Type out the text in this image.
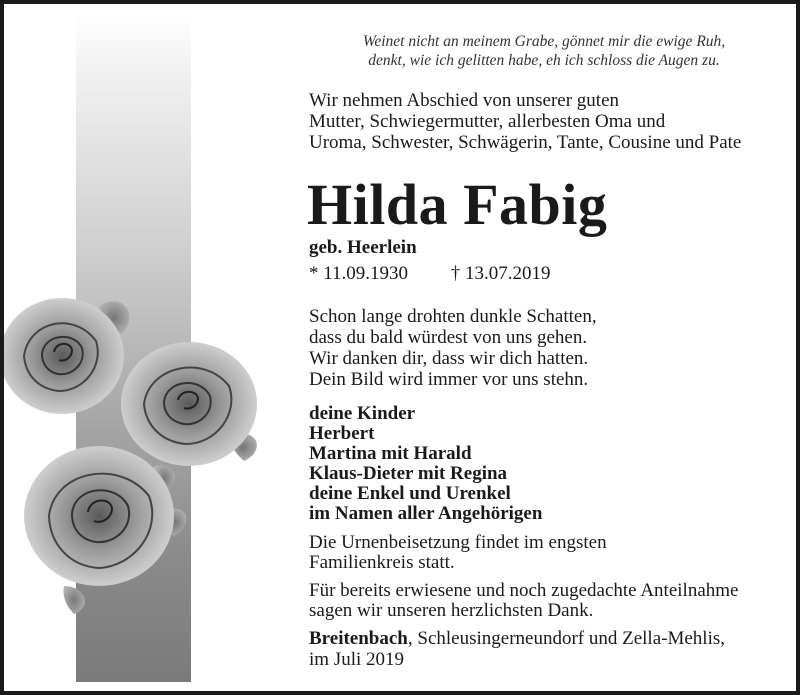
Weinet nicht an meinem Grabe, gönnet mir die ewige Ruh,
denkt, wie ich gelitten habe, eh ich schloss die Augen zu.
Wir nehmen Abschied von unserer guten
Mutter, Schwiegermutter, allerbesten Oma und
Uroma, Schwester, Schwägerin, Tante, Cousine und Pate
Hilda Fabig
geb. Heerlein
* 11.09.1930 † 13.07.2019
Schon lange drohten dunkle Schatten,
dass du bald würdest von uns gehen.
Wir danken dir, dass wir dich hatten.
Dein Bild wird immer vor uns stehn.
deine Kinder
Herbert
Martina mit Harald
Klaus-Dieter mit Regina
deine Enkel und Urenkel
im Namen aller Angehörigen
Die Urnenbeisetzung findet im engsten
Familienkreis statt.
Für bereits erwiesene und noch zugedachte Anteilnahme
sagen wir unseren herzlichsten Dank.
Breitenbach, Schleusingerneundorf und Zella-Mehlis,
im Juli 2019
